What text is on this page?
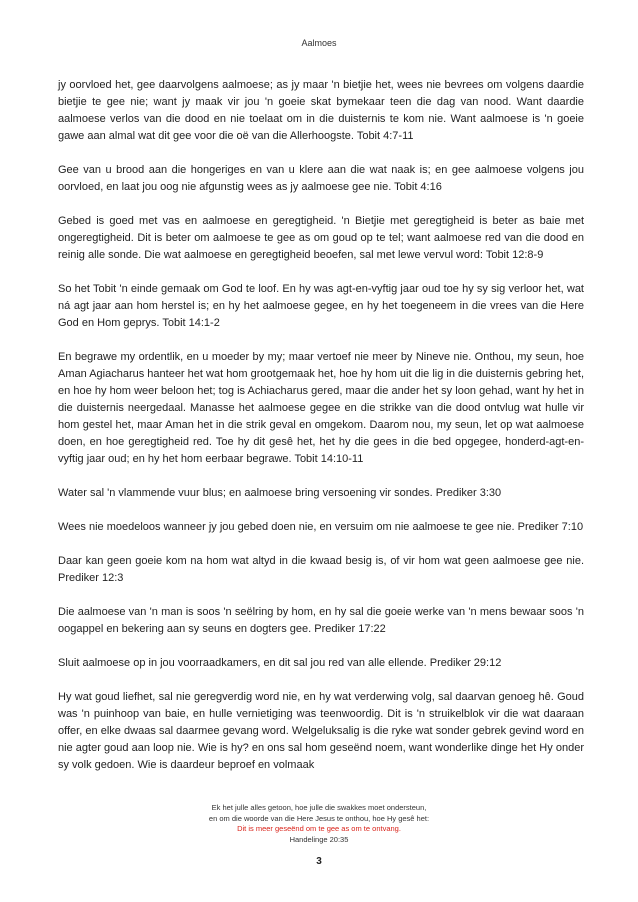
Aalmoes

jy oorvloed het, gee daarvolgens aalmoese; as jy maar 'n bietjie het, wees nie bevrees om volgens daardie bietjie te gee nie; want jy maak vir jou 'n goeie skat bymekaar teen die dag van nood. Want daardie aalmoese verlos van die dood en nie toelaat om in die duisternis te kom nie. Want aalmoese is 'n goeie gawe aan almal wat dit gee voor die oë van die Allerhoogste. Tobit 4:7-11

Gee van u brood aan die hongeriges en van u klere aan die wat naak is; en gee aalmoese volgens jou oorvloed, en laat jou oog nie afgunstig wees as jy aalmoese gee nie. Tobit 4:16

Gebed is goed met vas en aalmoese en geregtigheid. 'n Bietjie met geregtigheid is beter as baie met ongeregtigheid. Dit is beter om aalmoese te gee as om goud op te tel; want aalmoese red van die dood en reinig alle sonde. Die wat aalmoese en geregtigheid beoefen, sal met lewe vervul word: Tobit 12:8-9

So het Tobit 'n einde gemaak om God te loof. En hy was agt-en-vyftig jaar oud toe hy sy sig verloor het, wat ná agt jaar aan hom herstel is; en hy het aalmoese gegee, en hy het toegeneem in die vrees van die Here God en Hom geprys. Tobit 14:1-2

En begrawe my ordentlik, en u moeder by my; maar vertoef nie meer by Nineve nie. Onthou, my seun, hoe Aman Agiacharus hanteer het wat hom grootgemaak het, hoe hy hom uit die lig in die duisternis gebring het, en hoe hy hom weer beloon het; tog is Achiacharus gered, maar die ander het sy loon gehad, want hy het in die duisternis neergedaal. Manasse het aalmoese gegee en die strikke van die dood ontvlug wat hulle vir hom gestel het, maar Aman het in die strik geval en omgekom. Daarom nou, my seun, let op wat aalmoese doen, en hoe geregtigheid red. Toe hy dit gesê het, het hy die gees in die bed opgegee, honderd-agt-en-vyftig jaar oud; en hy het hom eerbaar begrawe. Tobit 14:10-11

Water sal 'n vlammende vuur blus; en aalmoese bring versoening vir sondes. Prediker 3:30

Wees nie moedeloos wanneer jy jou gebed doen nie, en versuim om nie aalmoese te gee nie. Prediker 7:10

Daar kan geen goeie kom na hom wat altyd in die kwaad besig is, of vir hom wat geen aalmoese gee nie. Prediker 12:3

Die aalmoese van 'n man is soos 'n seëlring by hom, en hy sal die goeie werke van 'n mens bewaar soos 'n oogappel en bekering aan sy seuns en dogters gee. Prediker 17:22

Sluit aalmoese op in jou voorraadkamers, en dit sal jou red van alle ellende. Prediker 29:12

Hy wat goud liefhet, sal nie geregverdig word nie, en hy wat verderwing volg, sal daarvan genoeg hê. Goud was 'n puinhoop van baie, en hulle vernietiging was teenwoordig. Dit is 'n struikelblok vir die wat daaraan offer, en elke dwaas sal daarmee gevang word. Welgeluksalig is die ryke wat sonder gebrek gevind word en nie agter goud aan loop nie. Wie is hy? en ons sal hom geseënd noem, want wonderlike dinge het Hy onder sy volk gedoen. Wie is daardeur beproef en volmaak

Ek het julle alles getoon, hoe julle die swakkes moet ondersteun,
en om die woorde van die Here Jesus te onthou, hoe Hy gesê het:
Dit is meer geseënd om te gee as om te ontvang.
Handelinge 20:35
3
